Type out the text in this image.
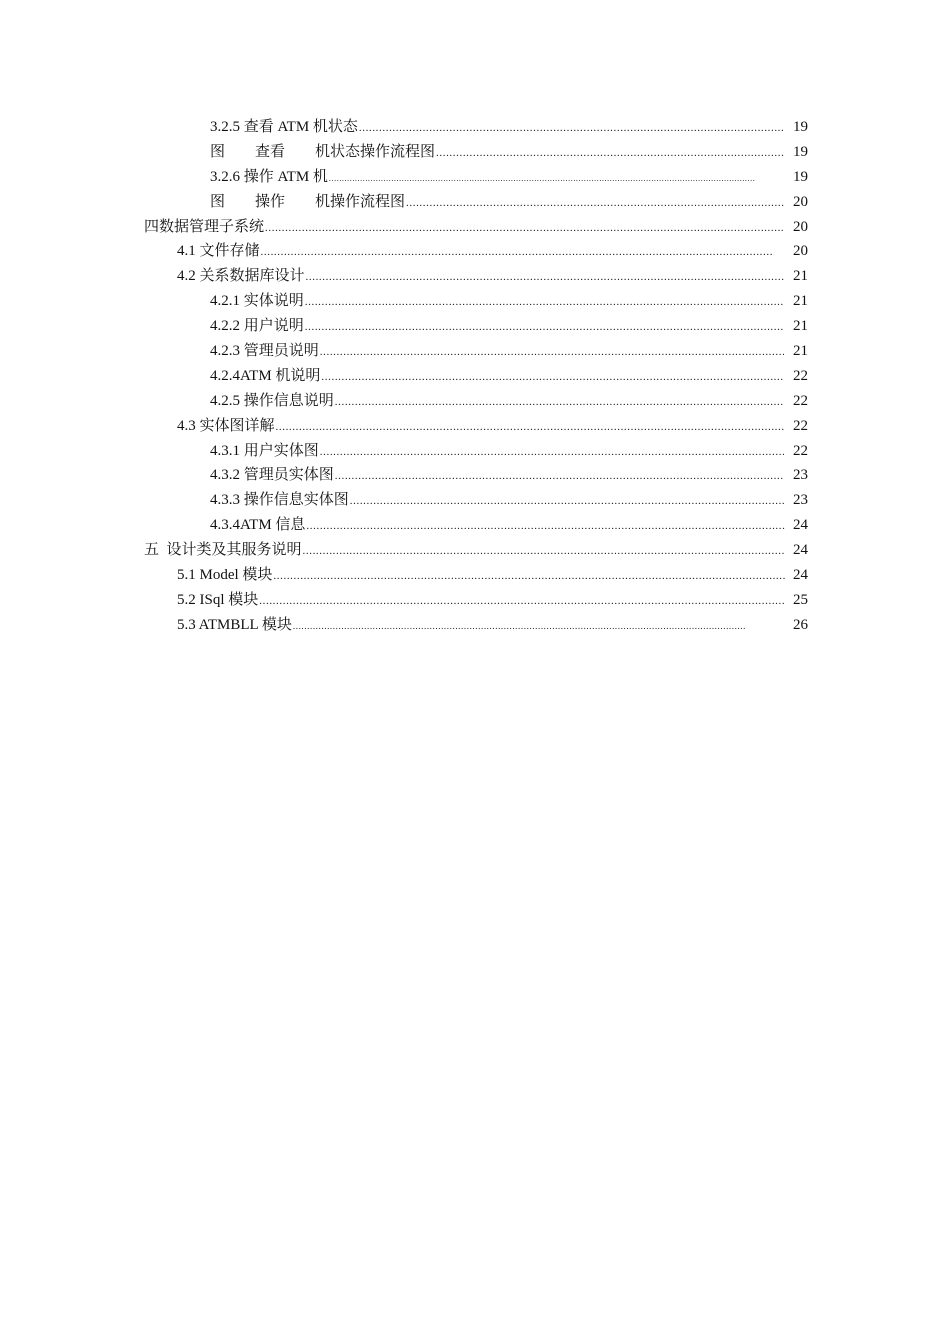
3.2.5 查看 ATM 机状态 .....	19
图　　查看　　机状态操作流程图 .....	19
3.2.6 操作 ATM 机 .....	19
图　　操作　　机操作流程图 .....	20
四数据管理子系统 .....	20
4.1 文件存储 .....	20
4.2 关系数据库设计 .....	21
4.2.1 实体说明 .....	21
4.2.2 用户说明 .....	21
4.2.3 管理员说明 .....	21
4.2.4ATM 机说明 .....	22
4.2.5 操作信息说明 .....	22
4.3 实体图详解 .....	22
4.3.1 用户实体图 .....	22
4.3.2 管理员实体图 .....	23
4.3.3 操作信息实体图 .....	23
4.3.4ATM 信息 .....	24
五  设计类及其服务说明 .....	24
5.1 Model 模块 .....	24
5.2 ISql 模块 .....	25
5.3 ATMBLL 模块 .....	26
